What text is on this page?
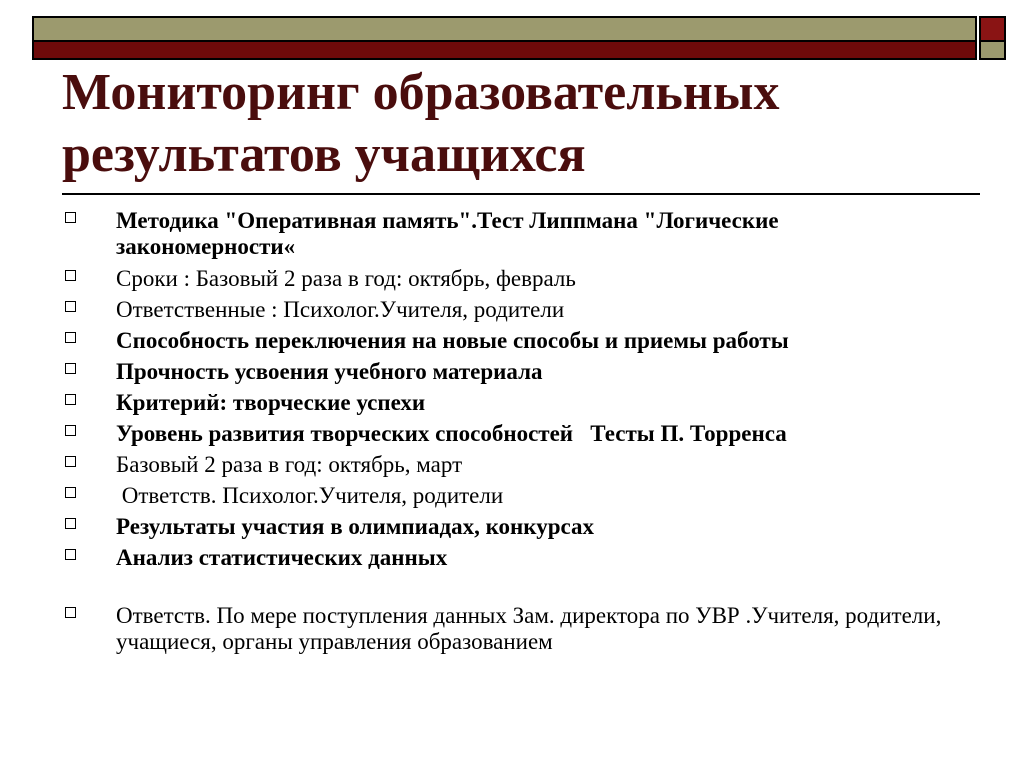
Мониторинг образовательных результатов учащихся
Методика "Оперативная память".Тест Липпмана "Логические закономерности«
Сроки : Базовый 2 раза в год: октябрь, февраль
Ответственные : Психолог.Учителя, родители
Способность переключения на новые способы и приемы работы
Прочность усвоения учебного материала
Критерий: творческие успехи
Уровень развития творческих способностей   Тесты П. Торренса
Базовый 2 раза в год: октябрь, март
Ответств. Психолог.Учителя, родители
Результаты участия в олимпиадах, конкурсах
Анализ статистических данных
Ответств. По мере поступления данных Зам. директора по УВР .Учителя, родители, учащиеся, органы управления образованием
